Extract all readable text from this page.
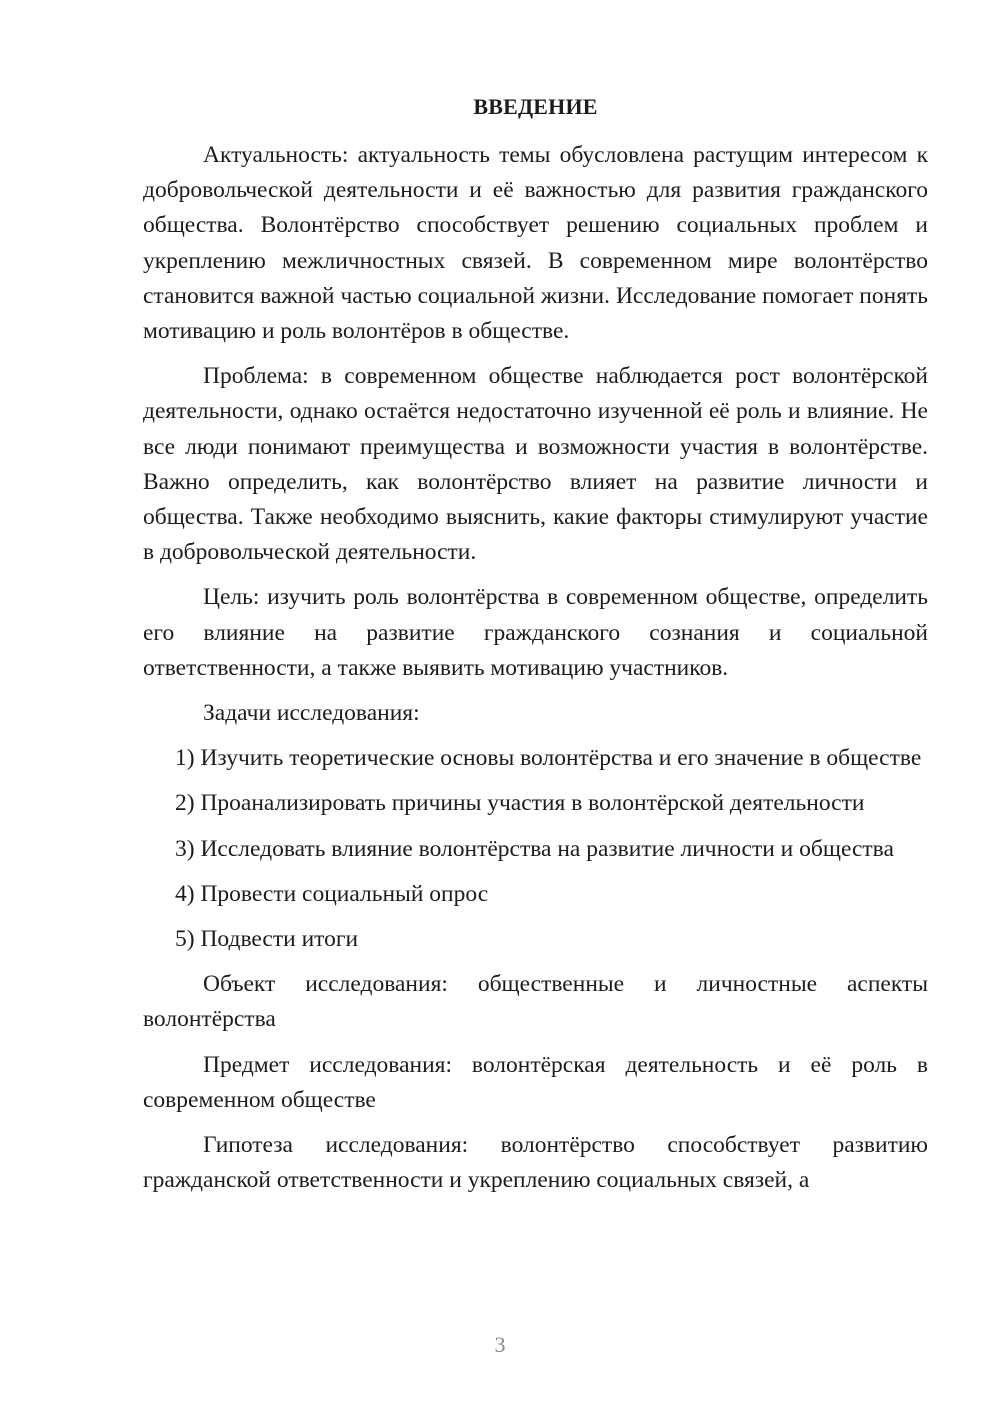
ВВЕДЕНИЕ

Актуальность: актуальность темы обусловлена растущим интересом к добровольческой деятельности и её важностью для развития гражданского общества. Волонтёрство способствует решению социальных проблем и укреплению межличностных связей. В современном мире волонтёрство становится важной частью социальной жизни. Исследование помогает понять мотивацию и роль волонтёров в обществе.

Проблема: в современном обществе наблюдается рост волонтёрской деятельности, однако остаётся недостаточно изученной её роль и влияние. Не все люди понимают преимущества и возможности участия в волонтёрстве. Важно определить, как волонтёрство влияет на развитие личности и общества. Также необходимо выяснить, какие факторы стимулируют участие в добровольческой деятельности.

Цель: изучить роль волонтёрства в современном обществе, определить его влияние на развитие гражданского сознания и социальной ответственности, а также выявить мотивацию участников.

Задачи исследования:

1) Изучить теоретические основы волонтёрства и его значение в обществе

2) Проанализировать причины участия в волонтёрской деятельности

3) Исследовать влияние волонтёрства на развитие личности и общества

4) Провести социальный опрос

5) Подвести итоги

Объект исследования: общественные и личностные аспекты волонтёрства

Предмет исследования: волонтёрская деятельность и её роль в современном обществе

Гипотеза исследования: волонтёрство способствует развитию гражданской ответственности и укреплению социальных связей, а

3
